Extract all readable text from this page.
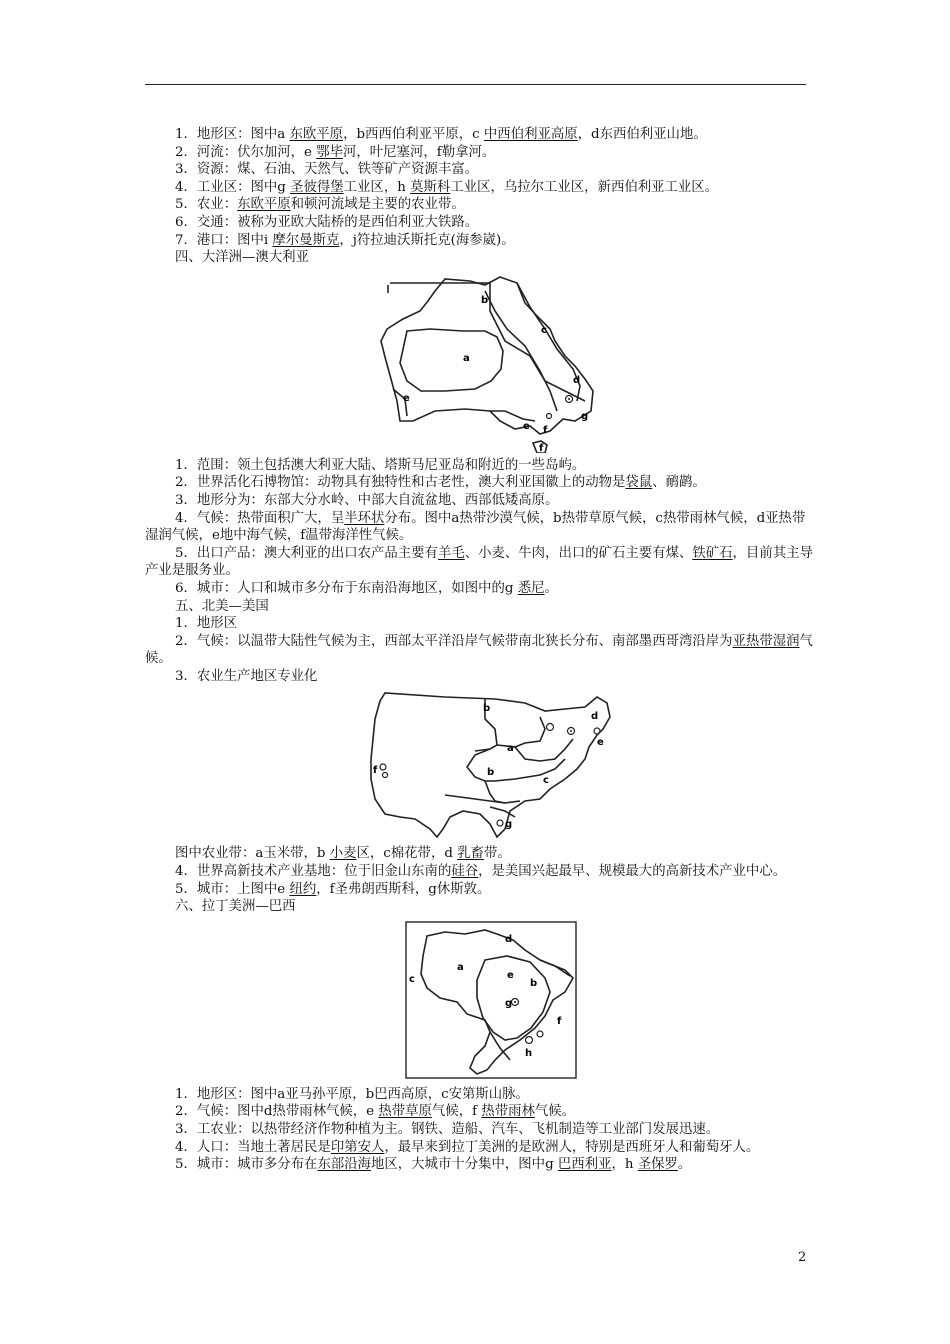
1．地形区：图中a 东欧平原，b西西伯利亚平原，c 中西伯利亚高原，d东西伯利亚山地。

2．河流：伏尔加河，e 鄂毕河，叶尼塞河，f勒拿河。

3．资源：煤、石油、天然气、铁等矿产资源丰富。

4．工业区：图中g 圣彼得堡工业区，h 莫斯科工业区，乌拉尔工业区，新西伯利亚工业区。

5．农业：东欧平原和顿河流域是主要的农业带。

6．交通：被称为亚欧大陆桥的是西伯利亚大铁路。

7．港口：图中i 摩尔曼斯克，j符拉迪沃斯托克(海参崴)。

四、大洋洲—澳大利亚

b
a
c
d
g
e
e f
f

1．范围：领土包括澳大利亚大陆、塔斯马尼亚岛和附近的一些岛屿。

2．世界活化石博物馆：动物具有独特性和古老性，澳大利亚国徽上的动物是袋鼠、鸸鹋。

3．地形分为：东部大分水岭、中部大自流盆地、西部低矮高原。

4．气候：热带面积广大，呈半环状分布。图中a热带沙漠气候，b热带草原气候，c热带雨林气候，d亚热带湿润气候，e地中海气候，f温带海洋性气候。

5．出口产品：澳大利亚的出口农产品主要有羊毛、小麦、牛肉，出口的矿石主要有煤、铁矿石，目前其主导产业是服务业。

6．城市：人口和城市多分布于东南沿海地区，如图中的g 悉尼。

五、北美—美国

1．地形区

2．气候：以温带大陆性气候为主，西部太平洋沿岸气候带南北狭长分布、南部墨西哥湾沿岸为亚热带湿润气候。

3．农业生产地区专业化

b
a
b
c
d
e
f
g

图中农业带：a玉米带，b 小麦区，c棉花带，d 乳畜带。

4．世界高新技术产业基地：位于旧金山东南的硅谷，是美国兴起最早、规模最大的高新技术产业中心。

5．城市：上图中e 纽约，f圣弗朗西斯科，g休斯敦。

六、拉丁美洲—巴西

d
a
e
b
c
g
f
h

1．地形区：图中a亚马孙平原，b巴西高原，c安第斯山脉。

2．气候：图中d热带雨林气候，e 热带草原气候，f 热带雨林气候。

3．工农业：以热带经济作物种植为主。钢铁、造船、汽车、飞机制造等工业部门发展迅速。

4．人口：当地土著居民是印第安人，最早来到拉丁美洲的是欧洲人，特别是西班牙人和葡萄牙人。

5．城市：城市多分布在东部沿海地区，大城市十分集中，图中g 巴西利亚，h 圣保罗。

2
